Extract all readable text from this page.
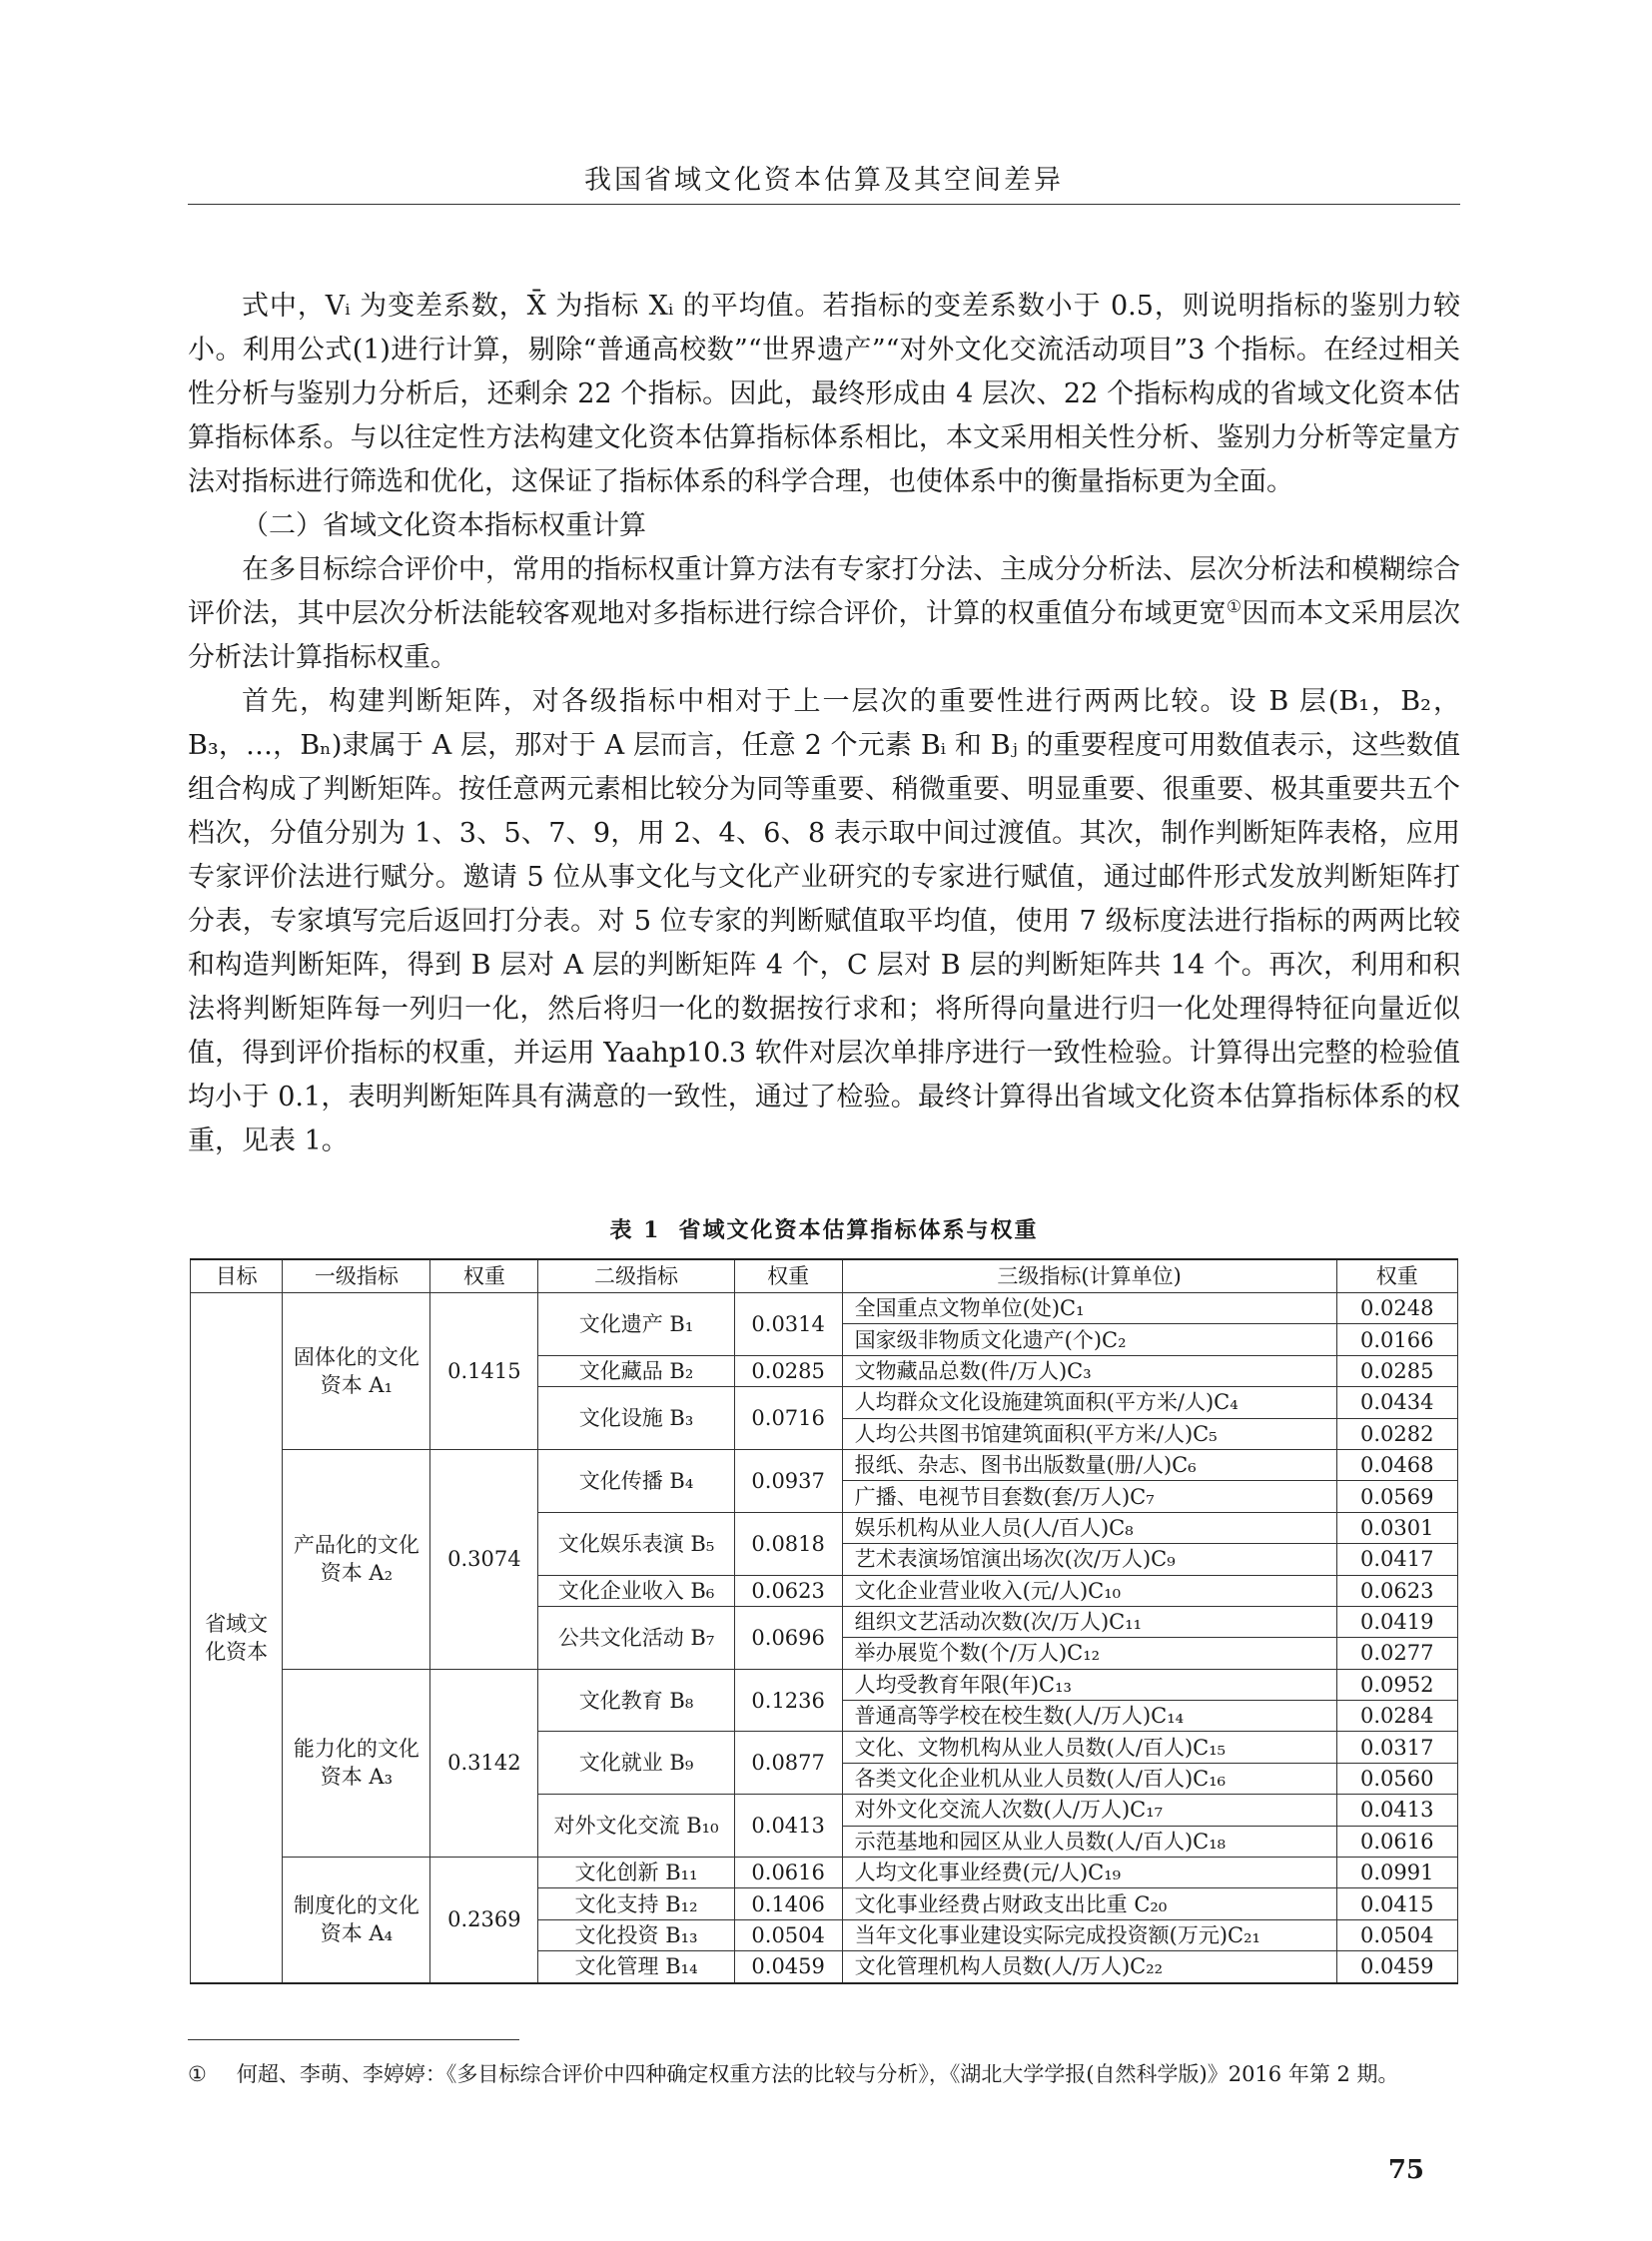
我国省域文化资本估算及其空间差异

式中，Vᵢ 为变差系数，X̄ 为指标 Xᵢ 的平均值。若指标的变差系数小于 0.5，则说明指标的鉴别力较小。利用公式(1)进行计算，剔除“普通高校数”“世界遗产”“对外文化交流活动项目”3 个指标。在经过相关性分析与鉴别力分析后，还剩余 22 个指标。因此，最终形成由 4 层次、22 个指标构成的省域文化资本估算指标体系。与以往定性方法构建文化资本估算指标体系相比，本文采用相关性分析、鉴别力分析等定量方法对指标进行筛选和优化，这保证了指标体系的科学合理，也使体系中的衡量指标更为全面。

（二）省域文化资本指标权重计算

在多目标综合评价中，常用的指标权重计算方法有专家打分法、主成分分析法、层次分析法和模糊综合评价法，其中层次分析法能较客观地对多指标进行综合评价，计算的权重值分布域更宽①因而本文采用层次分析法计算指标权重。

首先，构建判断矩阵，对各级指标中相对于上一层次的重要性进行两两比较。设 B 层(B₁，B₂，B₃，…，Bₙ)隶属于 A 层，那对于 A 层而言，任意 2 个元素 Bᵢ 和 Bⱼ 的重要程度可用数值表示，这些数值组合构成了判断矩阵。按任意两元素相比较分为同等重要、稍微重要、明显重要、很重要、极其重要共五个档次，分值分别为 1、3、5、7、9，用 2、4、6、8 表示取中间过渡值。其次，制作判断矩阵表格，应用专家评价法进行赋分。邀请 5 位从事文化与文化产业研究的专家进行赋值，通过邮件形式发放判断矩阵打分表，专家填写完后返回打分表。对 5 位专家的判断赋值取平均值，使用 7 级标度法进行指标的两两比较和构造判断矩阵，得到 B 层对 A 层的判断矩阵 4 个，C 层对 B 层的判断矩阵共 14 个。再次，利用和积法将判断矩阵每一列归一化，然后将归一化的数据按行求和；将所得向量进行归一化处理得特征向量近似值，得到评价指标的权重，并运用 Yaahp10.3 软件对层次单排序进行一致性检验。计算得出完整的检验值均小于 0.1，表明判断矩阵具有满意的一致性，通过了检验。最终计算得出省域文化资本估算指标体系的权重，见表 1。

表 1 省域文化资本估算指标体系与权重
目标	一级指标	权重	二级指标	权重	三级指标(计算单位)	权重
省域文化资本	固体化的文化资本 A₁	0.1415	文化遗产 B₁	0.0314	全国重点文物单位(处)C₁	0.0248
					国家级非物质文化遗产(个)C₂	0.0166
			文化藏品 B₂	0.0285	文物藏品总数(件/万人)C₃	0.0285
			文化设施 B₃	0.0716	人均群众文化设施建筑面积(平方米/人)C₄	0.0434
					人均公共图书馆建筑面积(平方米/人)C₅	0.0282
	产品化的文化资本 A₂	0.3074	文化传播 B₄	0.0937	报纸、杂志、图书出版数量(册/人)C₆	0.0468
					广播、电视节目套数(套/万人)C₇	0.0569
			文化娱乐表演 B₅	0.0818	娱乐机构从业人员(人/百人)C₈	0.0301
					艺术表演场馆演出场次(次/万人)C₉	0.0417
			文化企业收入 B₆	0.0623	文化企业营业收入(元/人)C₁₀	0.0623
			公共文化活动 B₇	0.0696	组织文艺活动次数(次/万人)C₁₁	0.0419
					举办展览个数(个/万人)C₁₂	0.0277
	能力化的文化资本 A₃	0.3142	文化教育 B₈	0.1236	人均受教育年限(年)C₁₃	0.0952
					普通高等学校在校生数(人/万人)C₁₄	0.0284
			文化就业 B₉	0.0877	文化、文物机构从业人员数(人/百人)C₁₅	0.0317
					各类文化企业机从业人员数(人/百人)C₁₆	0.0560
			对外文化交流 B₁₀	0.0413	对外文化交流人次数(人/万人)C₁₇	0.0413
					示范基地和园区从业人员数(人/百人)C₁₈	0.0616
	制度化的文化资本 A₄	0.2369	文化创新 B₁₁	0.0616	人均文化事业经费(元/人)C₁₉	0.0991
			文化支持 B₁₂	0.1406	文化事业经费占财政支出比重 C₂₀	0.0415
			文化投资 B₁₃	0.0504	当年文化事业建设实际完成投资额(万元)C₂₁	0.0504
			文化管理 B₁₄	0.0459	文化管理机构人员数(人/万人)C₂₂	0.0459
① 何超、李萌、李婷婷：《多目标综合评价中四种确定权重方法的比较与分析》，《湖北大学学报(自然科学版)》2016 年第 2 期。
75
